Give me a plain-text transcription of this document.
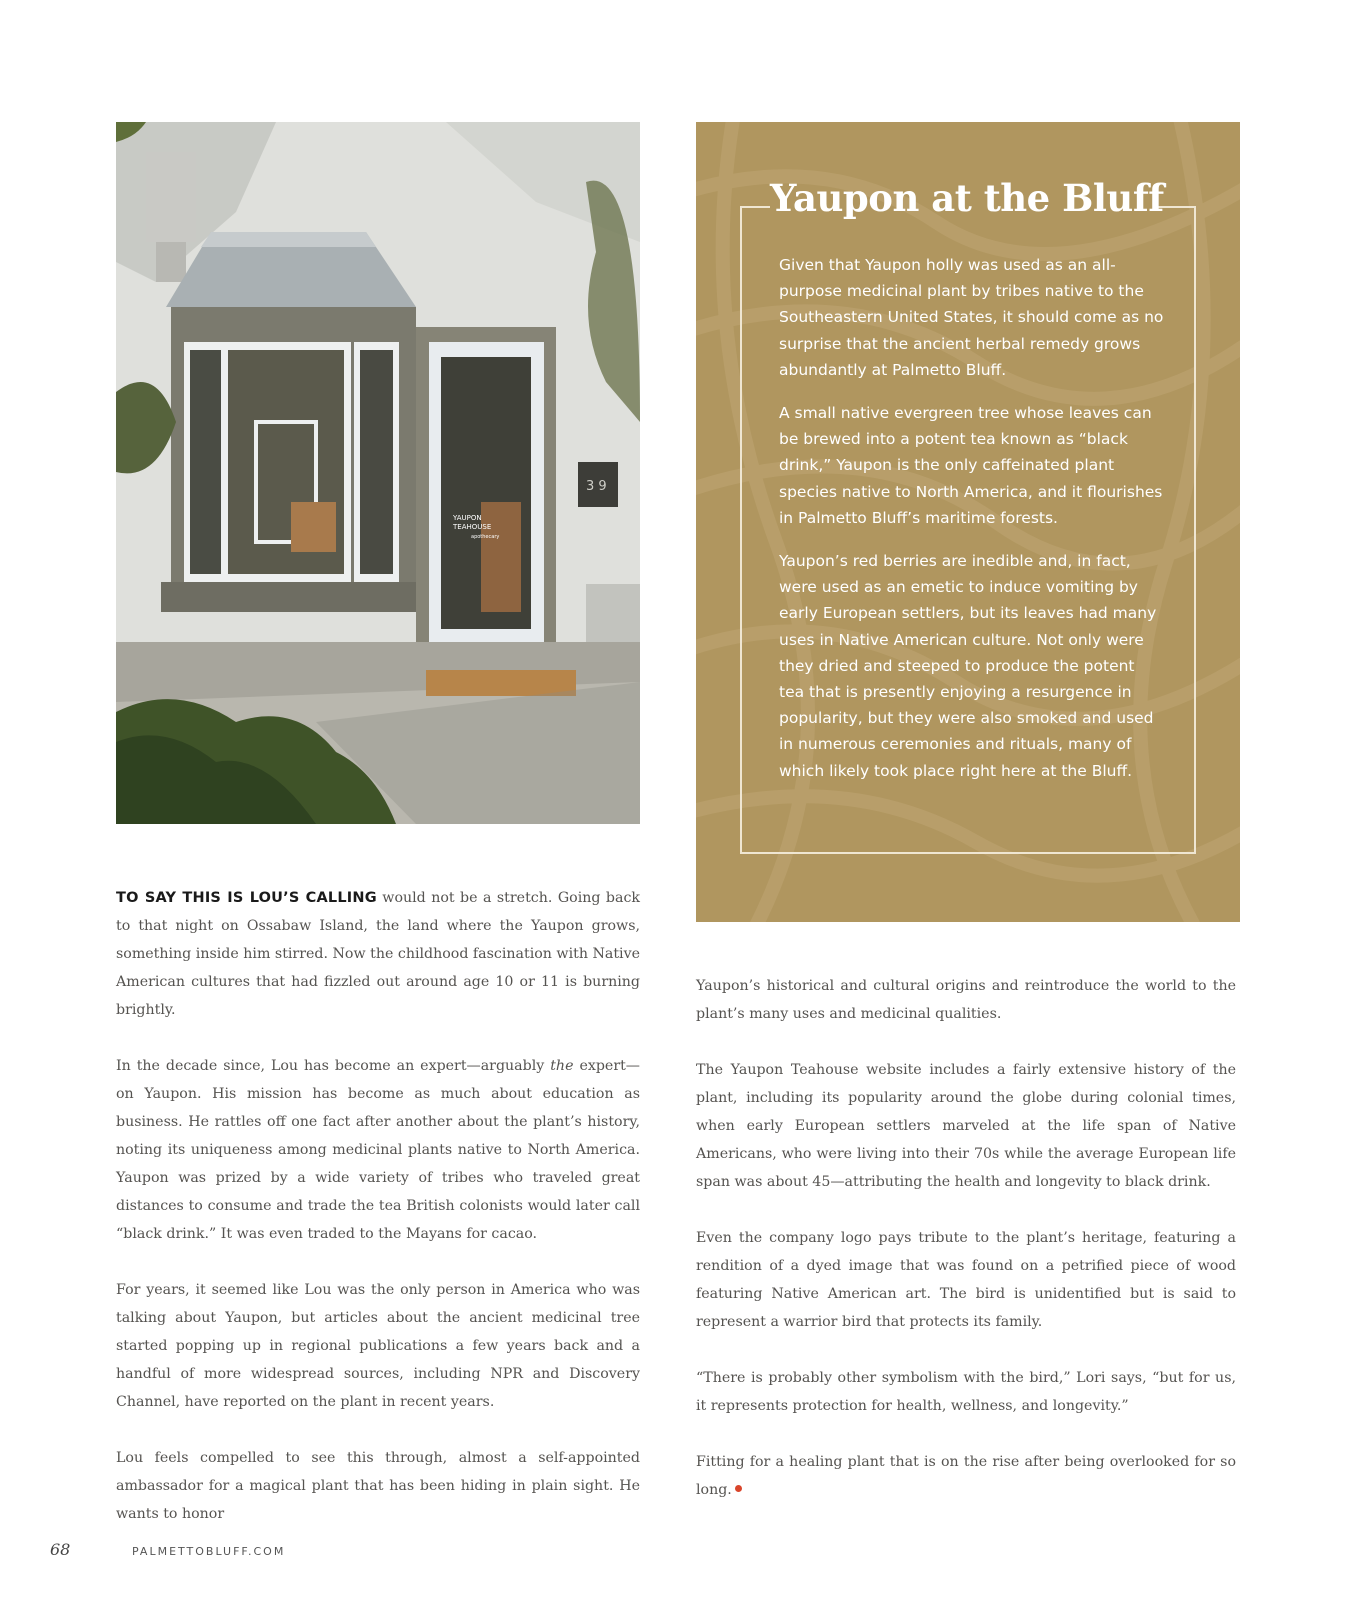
YAUPON
TEAHOUSE
apothecary
3 9
Yaupon at the Bluff

Given that Yaupon holly was used as an all-purpose medicinal plant by tribes native to the Southeastern United States, it should come as no surprise that the ancient herbal remedy grows abundantly at Palmetto Bluff.

A small native evergreen tree whose leaves can be brewed into a potent tea known as “black drink,” Yaupon is the only caffeinated plant species native to North America, and it flourishes in Palmetto Bluff’s maritime forests.

Yaupon’s red berries are inedible and, in fact, were used as an emetic to induce vomiting by early European settlers, but its leaves had many uses in Native American culture. Not only were they dried and steeped to produce the potent tea that is presently enjoying a resurgence in popularity, but they were also smoked and used in numerous ceremonies and rituals, many of which likely took place right here at the Bluff.

TO SAY THIS IS LOU’S CALLING would not be a stretch. Going back to that night on Ossabaw Island, the land where the Yaupon grows, something inside him stirred. Now the childhood fascination with Native American cultures that had fizzled out around age 10 or 11 is burning brightly.

In the decade since, Lou has become an expert—arguably the expert—on Yaupon. His mission has become as much about education as business. He rattles off one fact after another about the plant’s history, noting its uniqueness among medicinal plants native to North America. Yaupon was prized by a wide variety of tribes who traveled great distances to consume and trade the tea British colonists would later call “black drink.” It was even traded to the Mayans for cacao.

For years, it seemed like Lou was the only person in America who was talking about Yaupon, but articles about the ancient medicinal tree started popping up in regional publications a few years back and a handful of more widespread sources, including NPR and Discovery Channel, have reported on the plant in recent years.

Lou feels compelled to see this through, almost a self-appointed ambassador for a magical plant that has been hiding in plain sight. He wants to honor

Yaupon’s historical and cultural origins and reintroduce the world to the plant’s many uses and medicinal qualities.

The Yaupon Teahouse website includes a fairly extensive history of the plant, including its popularity around the globe during colonial times, when early European settlers marveled at the life span of Native Americans, who were living into their 70s while the average European life span was about 45—attributing the health and longevity to black drink.

Even the company logo pays tribute to the plant’s heritage, featuring a rendition of a dyed image that was found on a petrified piece of wood featuring Native American art. The bird is unidentified but is said to represent a warrior bird that protects its family.

“There is probably other symbolism with the bird,” Lori says, “but for us, it represents protection for health, wellness, and longevity.”

Fitting for a healing plant that is on the rise after being overlooked for so long.

68	PALMETTOBLUFF.COM
